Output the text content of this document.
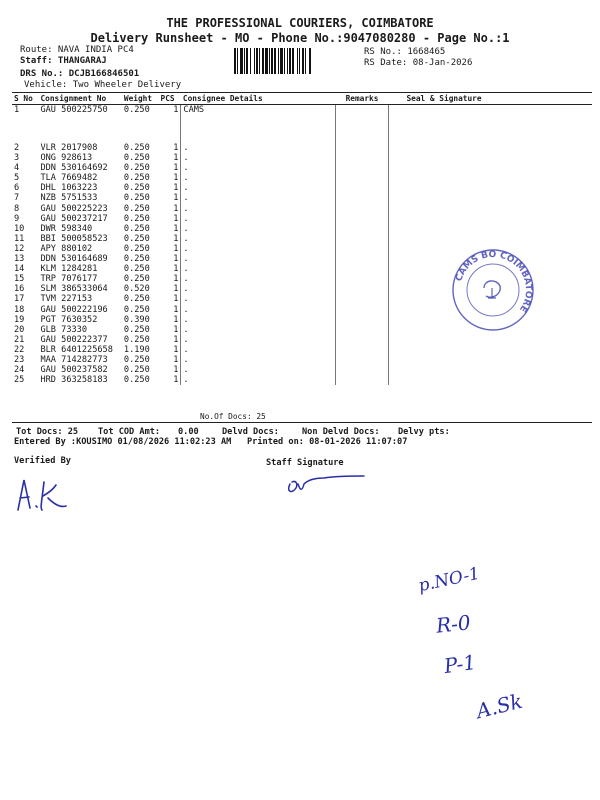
THE PROFESSIONAL COURIERS, COIMBATORE
Delivery Runsheet - MO - Phone No.:9047080280 - Page No.:1
Route: NAVA INDIA PC4
Staff: THANGARAJ
DRS No.: DCJB166846501
Vehicle: Two Wheeler Delivery
RS No.: 1668465
RS Date: 08-Jan-2026
S No	Consignment No	Weight	PCS	Consignee Details	Remarks	Seal & Signature
1	GAU 500225750	0.250	1	CAMS		
2	VLR 2017908	0.250	1	.		
3	ONG 928613	0.250	1	.		
4	DDN 530164692	0.250	1	.		
5	TLA 7669482	0.250	1	.		
6	DHL 1063223	0.250	1	.		
7	NZB 5751533	0.250	1	.		
8	GAU 500225223	0.250	1	.		
9	GAU 500237217	0.250	1	.		
10	DWR 598340	0.250	1	.		
11	BBI 500058523	0.250	1	.		
12	APY 880102	0.250	1	.		
13	DDN 530164689	0.250	1	.		
14	KLM 1284281	0.250	1	.		
15	TRP 7076177	0.250	1	.		
16	SLM 386533064	0.520	1	.		
17	TVM 227153	0.250	1	.		
18	GAU 500222196	0.250	1	.		
19	PGT 7630352	0.390	1	.		
20	GLB 73330	0.250	1	.		
21	GAU 500222377	0.250	1	.		
22	BLR 6401225658	1.190	1	.		
23	MAA 714282773	0.250	1	.		
24	GAU 500237582	0.250	1	.		
25	HRD 363258183	0.250	1	.		
No.Of Docs: 25
Tot Docs: 25 Tot COD Amt: 0.00	Delvd Docs:	Non Delvd Docs: Delvy pts:
Entered By :KOUSIMO 01/08/2026 11:02:23 AM Printed on: 08-01-2026 11:07:07
Verified By	Staff Signature
CAMS BO COIMBATORE
p.NO-1
R-0
P-1
A.Sk
